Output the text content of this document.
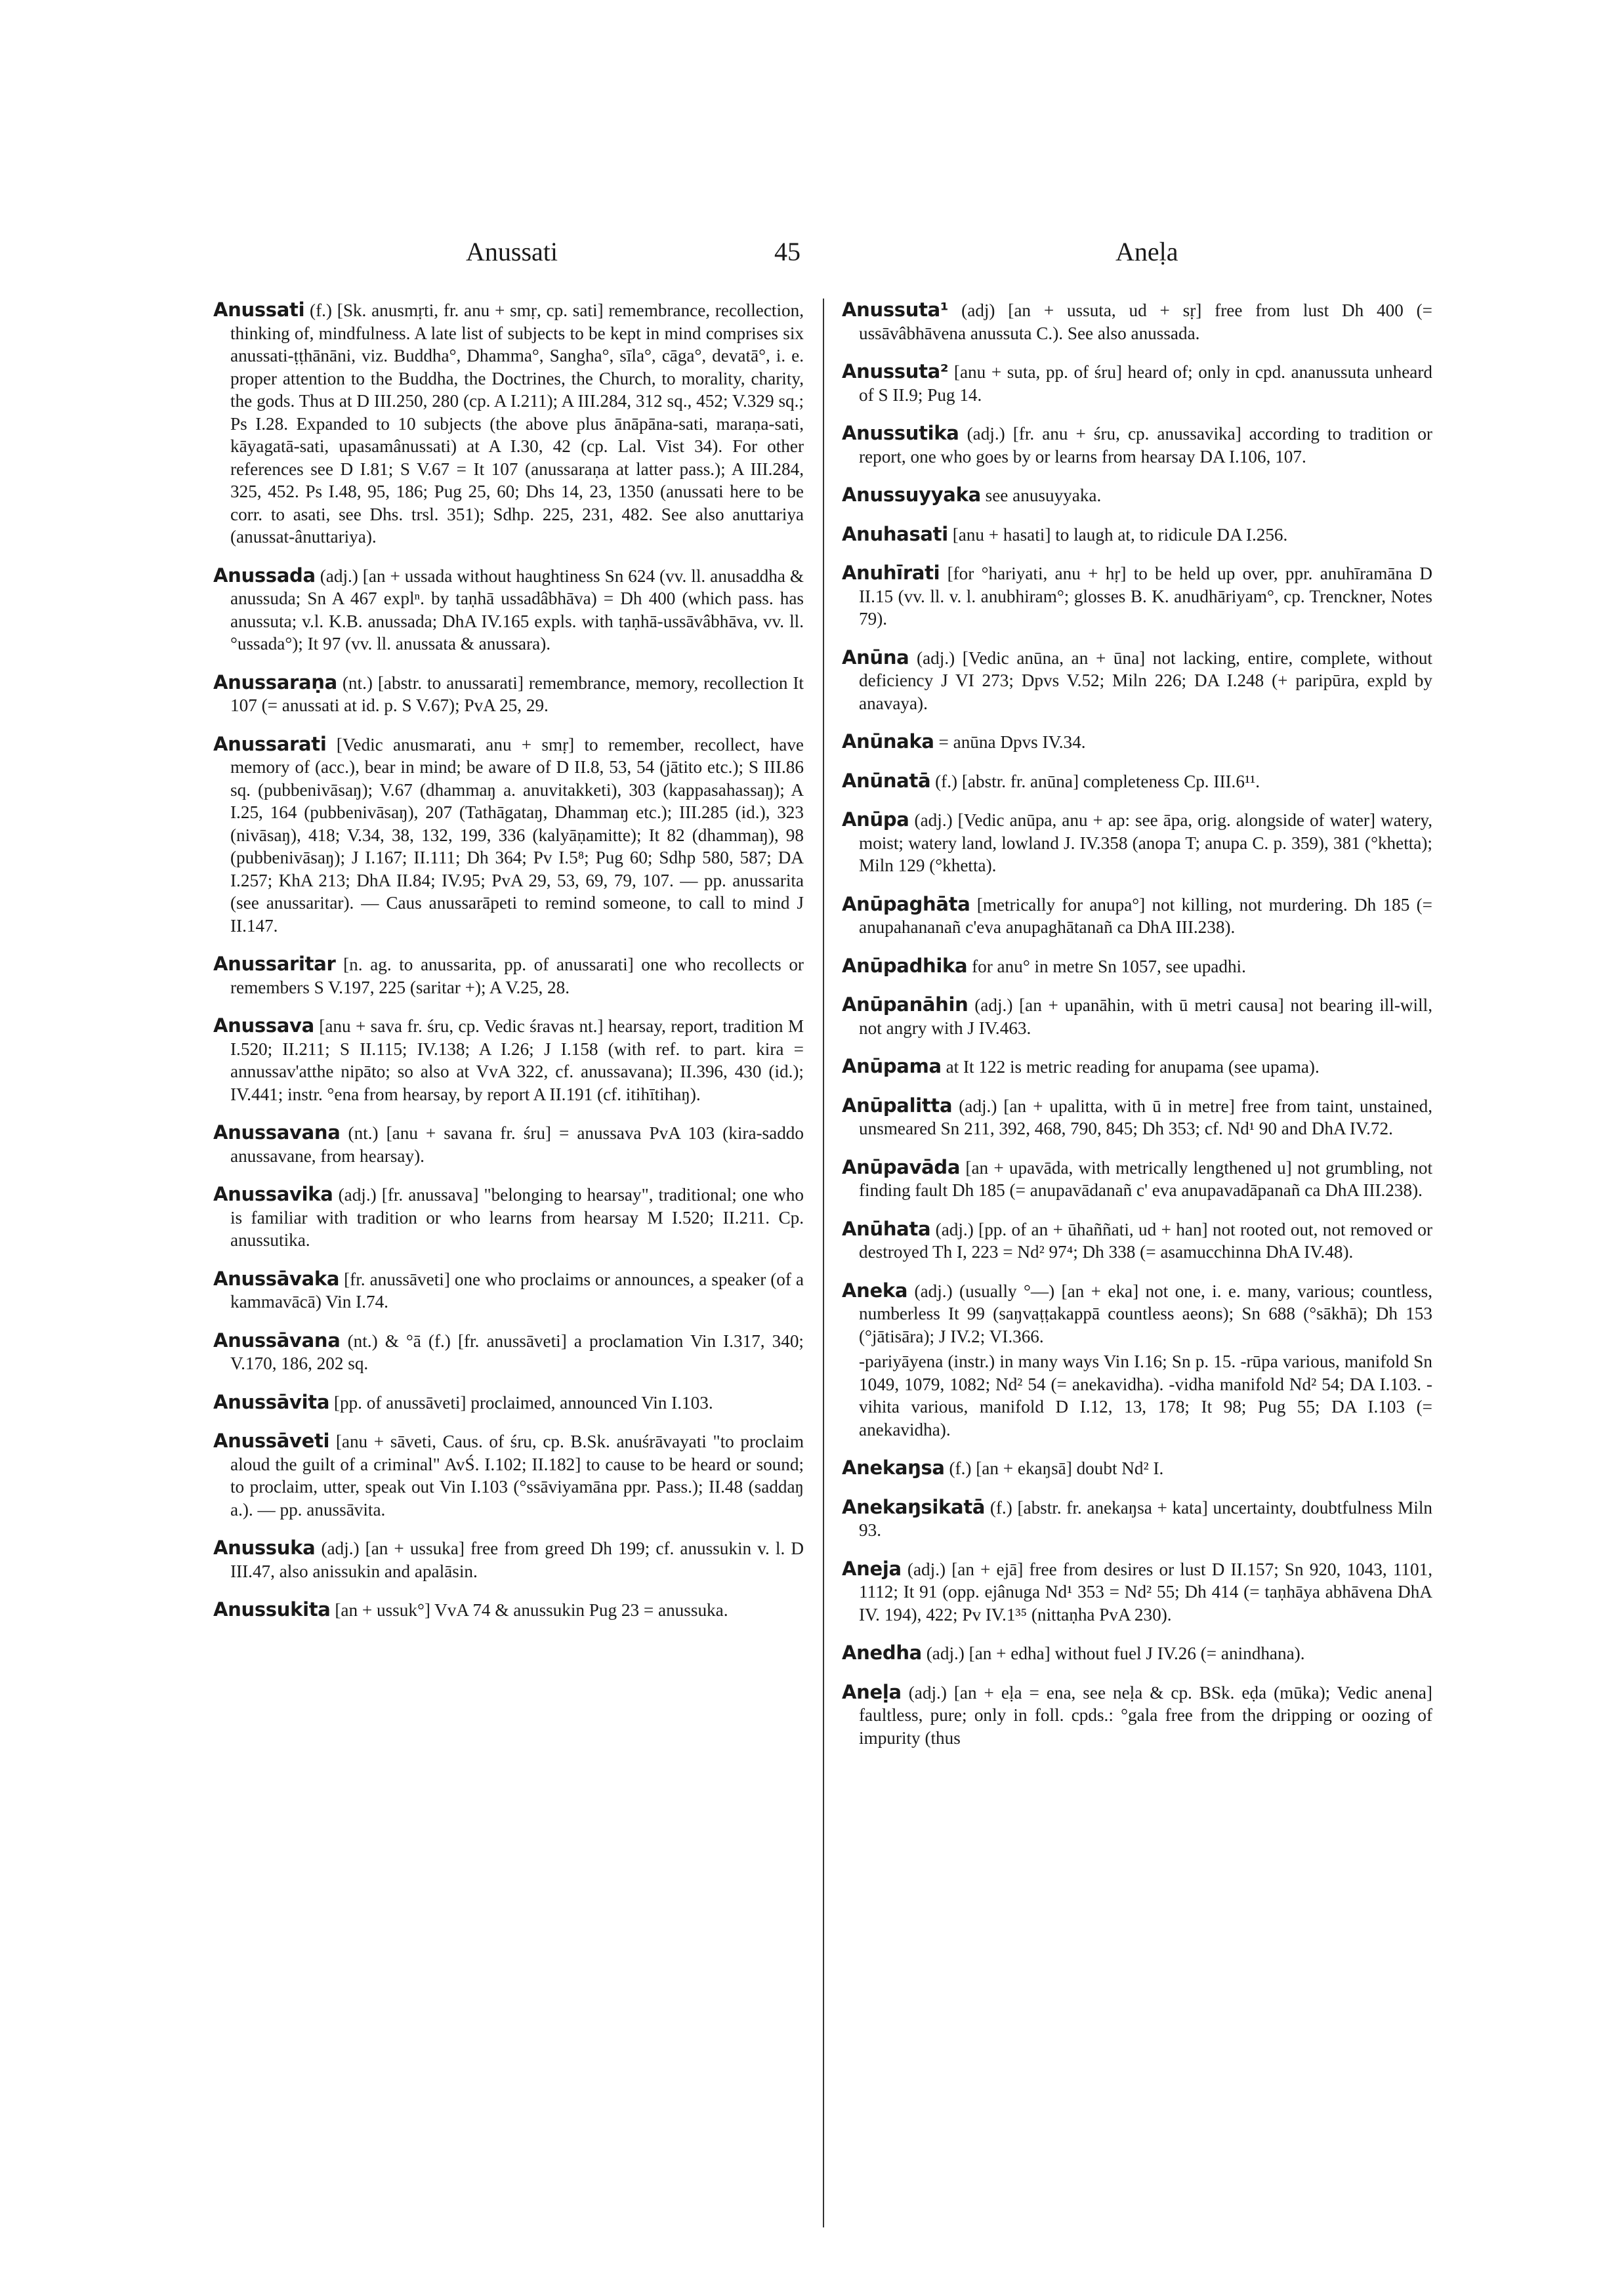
Anussati	45	Aneḷa

Anussati (f.) [Sk. anusmṛti, fr. anu + smṛ, cp. sati] remembrance, recollection, thinking of, mindfulness. A late list of subjects to be kept in mind comprises six anussati-ṭṭhānāni, viz. Buddha°, Dhamma°, Sangha°, sīla°, cāga°, devatā°, i. e. proper attention to the Buddha, the Doctrines, the Church, to morality, charity, the gods. Thus at D III.250, 280 (cp. A I.211); A III.284, 312 sq., 452; V.329 sq.; Ps I.28. Expanded to 10 subjects (the above plus ānāpāna-sati, maraṇa-sati, kāyagatā-sati, upasamânussati) at A I.30, 42 (cp. Lal. Vist 34). For other references see D I.81; S V.67 = It 107 (anussaraṇa at latter pass.); A III.284, 325, 452. Ps I.48, 95, 186; Pug 25, 60; Dhs 14, 23, 1350 (anussati here to be corr. to asati, see Dhs. trsl. 351); Sdhp. 225, 231, 482. See also anuttariya (anussat-ânuttariya).

Anussada (adj.) [an + ussada without haughtiness Sn 624 (vv. ll. anusaddha & anussuda; Sn A 467 explⁿ. by taṇhā ussadâbhāva) = Dh 400 (which pass. has anussuta; v.l. K.B. anussada; DhA IV.165 expls. with taṇhā-ussāvâbhāva, vv. ll. °ussada°); It 97 (vv. ll. anussata & anussara).

Anussaraṇa (nt.) [abstr. to anussarati] remembrance, memory, recollection It 107 (= anussati at id. p. S V.67); PvA 25, 29.

Anussarati [Vedic anusmarati, anu + smṛ] to remember, recollect, have memory of (acc.), bear in mind; be aware of D II.8, 53, 54 (jātito etc.); S III.86 sq. (pubbenivāsaŋ); V.67 (dhammaŋ a. anuvitakketi), 303 (kappasahassaŋ); A I.25, 164 (pubbenivāsaŋ), 207 (Tathāgataŋ, Dhammaŋ etc.); III.285 (id.), 323 (nivāsaŋ), 418; V.34, 38, 132, 199, 336 (kalyāṇamitte); It 82 (dhammaŋ), 98 (pubbenivāsaŋ); J I.167; II.111; Dh 364; Pv I.5⁸; Pug 60; Sdhp 580, 587; DA I.257; KhA 213; DhA II.84; IV.95; PvA 29, 53, 69, 79, 107. — pp. anussarita (see anussaritar). — Caus anussarāpeti to remind someone, to call to mind J II.147.

Anussaritar [n. ag. to anussarita, pp. of anussarati] one who recollects or remembers S V.197, 225 (saritar +); A V.25, 28.

Anussava [anu + sava fr. śru, cp. Vedic śravas nt.] hearsay, report, tradition M I.520; II.211; S II.115; IV.138; A I.26; J I.158 (with ref. to part. kira = annussav'atthe nipāto; so also at VvA 322, cf. anussavana); II.396, 430 (id.); IV.441; instr. °ena from hearsay, by report A II.191 (cf. itihītihaŋ).

Anussavana (nt.) [anu + savana fr. śru] = anussava PvA 103 (kira-saddo anussavane, from hearsay).

Anussavika (adj.) [fr. anussava] "belonging to hearsay", traditional; one who is familiar with tradition or who learns from hearsay M I.520; II.211. Cp. anussutika.

Anussāvaka [fr. anussāveti] one who proclaims or announces, a speaker (of a kammavācā) Vin I.74.

Anussāvana (nt.) & °ā (f.) [fr. anussāveti] a proclamation Vin I.317, 340; V.170, 186, 202 sq.

Anussāvita [pp. of anussāveti] proclaimed, announced Vin I.103.

Anussāveti [anu + sāveti, Caus. of śru, cp. B.Sk. anuśrāvayati "to proclaim aloud the guilt of a criminal" AvŚ. I.102; II.182] to cause to be heard or sound; to proclaim, utter, speak out Vin I.103 (°ssāviyamāna ppr. Pass.); II.48 (saddaŋ a.). — pp. anussāvita.

Anussuka (adj.) [an + ussuka] free from greed Dh 199; cf. anussukin v. l. D III.47, also anissukin and apalāsin.

Anussukita [an + ussuk°] VvA 74 & anussukin Pug 23 = anussuka.

Anussuta¹ (adj) [an + ussuta, ud + sṛ] free from lust Dh 400 (= ussāvâbhāvena anussuta C.). See also anussada.

Anussuta² [anu + suta, pp. of śru] heard of; only in cpd. ananussuta unheard of S II.9; Pug 14.

Anussutika (adj.) [fr. anu + śru, cp. anussavika] according to tradition or report, one who goes by or learns from hearsay DA I.106, 107.

Anussuyyaka see anusuyyaka.

Anuhasati [anu + hasati] to laugh at, to ridicule DA I.256.

Anuhīrati [for °hariyati, anu + hṛ] to be held up over, ppr. anuhīramāna D II.15 (vv. ll. v. l. anubhiram°; glosses B. K. anudhāriyam°, cp. Trenckner, Notes 79).

Anūna (adj.) [Vedic anūna, an + ūna] not lacking, entire, complete, without deficiency J VI 273; Dpvs V.52; Miln 226; DA I.248 (+ paripūra, expld by anavaya).

Anūnaka = anūna Dpvs IV.34.

Anūnatā (f.) [abstr. fr. anūna] completeness Cp. III.6¹¹.

Anūpa (adj.) [Vedic anūpa, anu + ap: see āpa, orig. alongside of water] watery, moist; watery land, lowland J. IV.358 (anopa T; anupa C. p. 359), 381 (°khetta); Miln 129 (°khetta).

Anūpaghāta [metrically for anupa°] not killing, not murdering. Dh 185 (= anupahananañ c'eva anupaghātanañ ca DhA III.238).

Anūpadhika for anu° in metre Sn 1057, see upadhi.

Anūpanāhin (adj.) [an + upanāhin, with ū metri causa] not bearing ill-will, not angry with J IV.463.

Anūpama at It 122 is metric reading for anupama (see upama).

Anūpalitta (adj.) [an + upalitta, with ū in metre] free from taint, unstained, unsmeared Sn 211, 392, 468, 790, 845; Dh 353; cf. Nd¹ 90 and DhA IV.72.

Anūpavāda [an + upavāda, with metrically lengthened u] not grumbling, not finding fault Dh 185 (= anupavādanañ c' eva anupavadāpanañ ca DhA III.238).

Anūhata (adj.) [pp. of an + ūhaññati, ud + han] not rooted out, not removed or destroyed Th I, 223 = Nd² 97⁴; Dh 338 (= asamucchinna DhA IV.48).

Aneka (adj.) (usually °—) [an + eka] not one, i. e. many, various; countless, numberless It 99 (saŋvaṭṭakappā countless aeons); Sn 688 (°sākhā); Dh 153 (°jātisāra); J IV.2; VI.366.

-pariyāyena (instr.) in many ways Vin I.16; Sn p. 15. -rūpa various, manifold Sn 1049, 1079, 1082; Nd² 54 (= anekavidha). -vidha manifold Nd² 54; DA I.103. -vihita various, manifold D I.12, 13, 178; It 98; Pug 55; DA I.103 (= anekavidha).

Anekaŋsa (f.) [an + ekaŋsā] doubt Nd² I.

Anekaŋsikatā (f.) [abstr. fr. anekaŋsa + kata] uncertainty, doubtfulness Miln 93.

Aneja (adj.) [an + ejā] free from desires or lust D II.157; Sn 920, 1043, 1101, 1112; It 91 (opp. ejânuga Nd¹ 353 = Nd² 55; Dh 414 (= taṇhāya abhāvena DhA IV. 194), 422; Pv IV.1³⁵ (nittaṇha PvA 230).

Anedha (adj.) [an + edha] without fuel J IV.26 (= anindhana).

Aneḷa (adj.) [an + eḷa = ena, see neḷa & cp. BSk. eḍa (mūka); Vedic anena] faultless, pure; only in foll. cpds.: °gala free from the dripping or oozing of impurity (thus
